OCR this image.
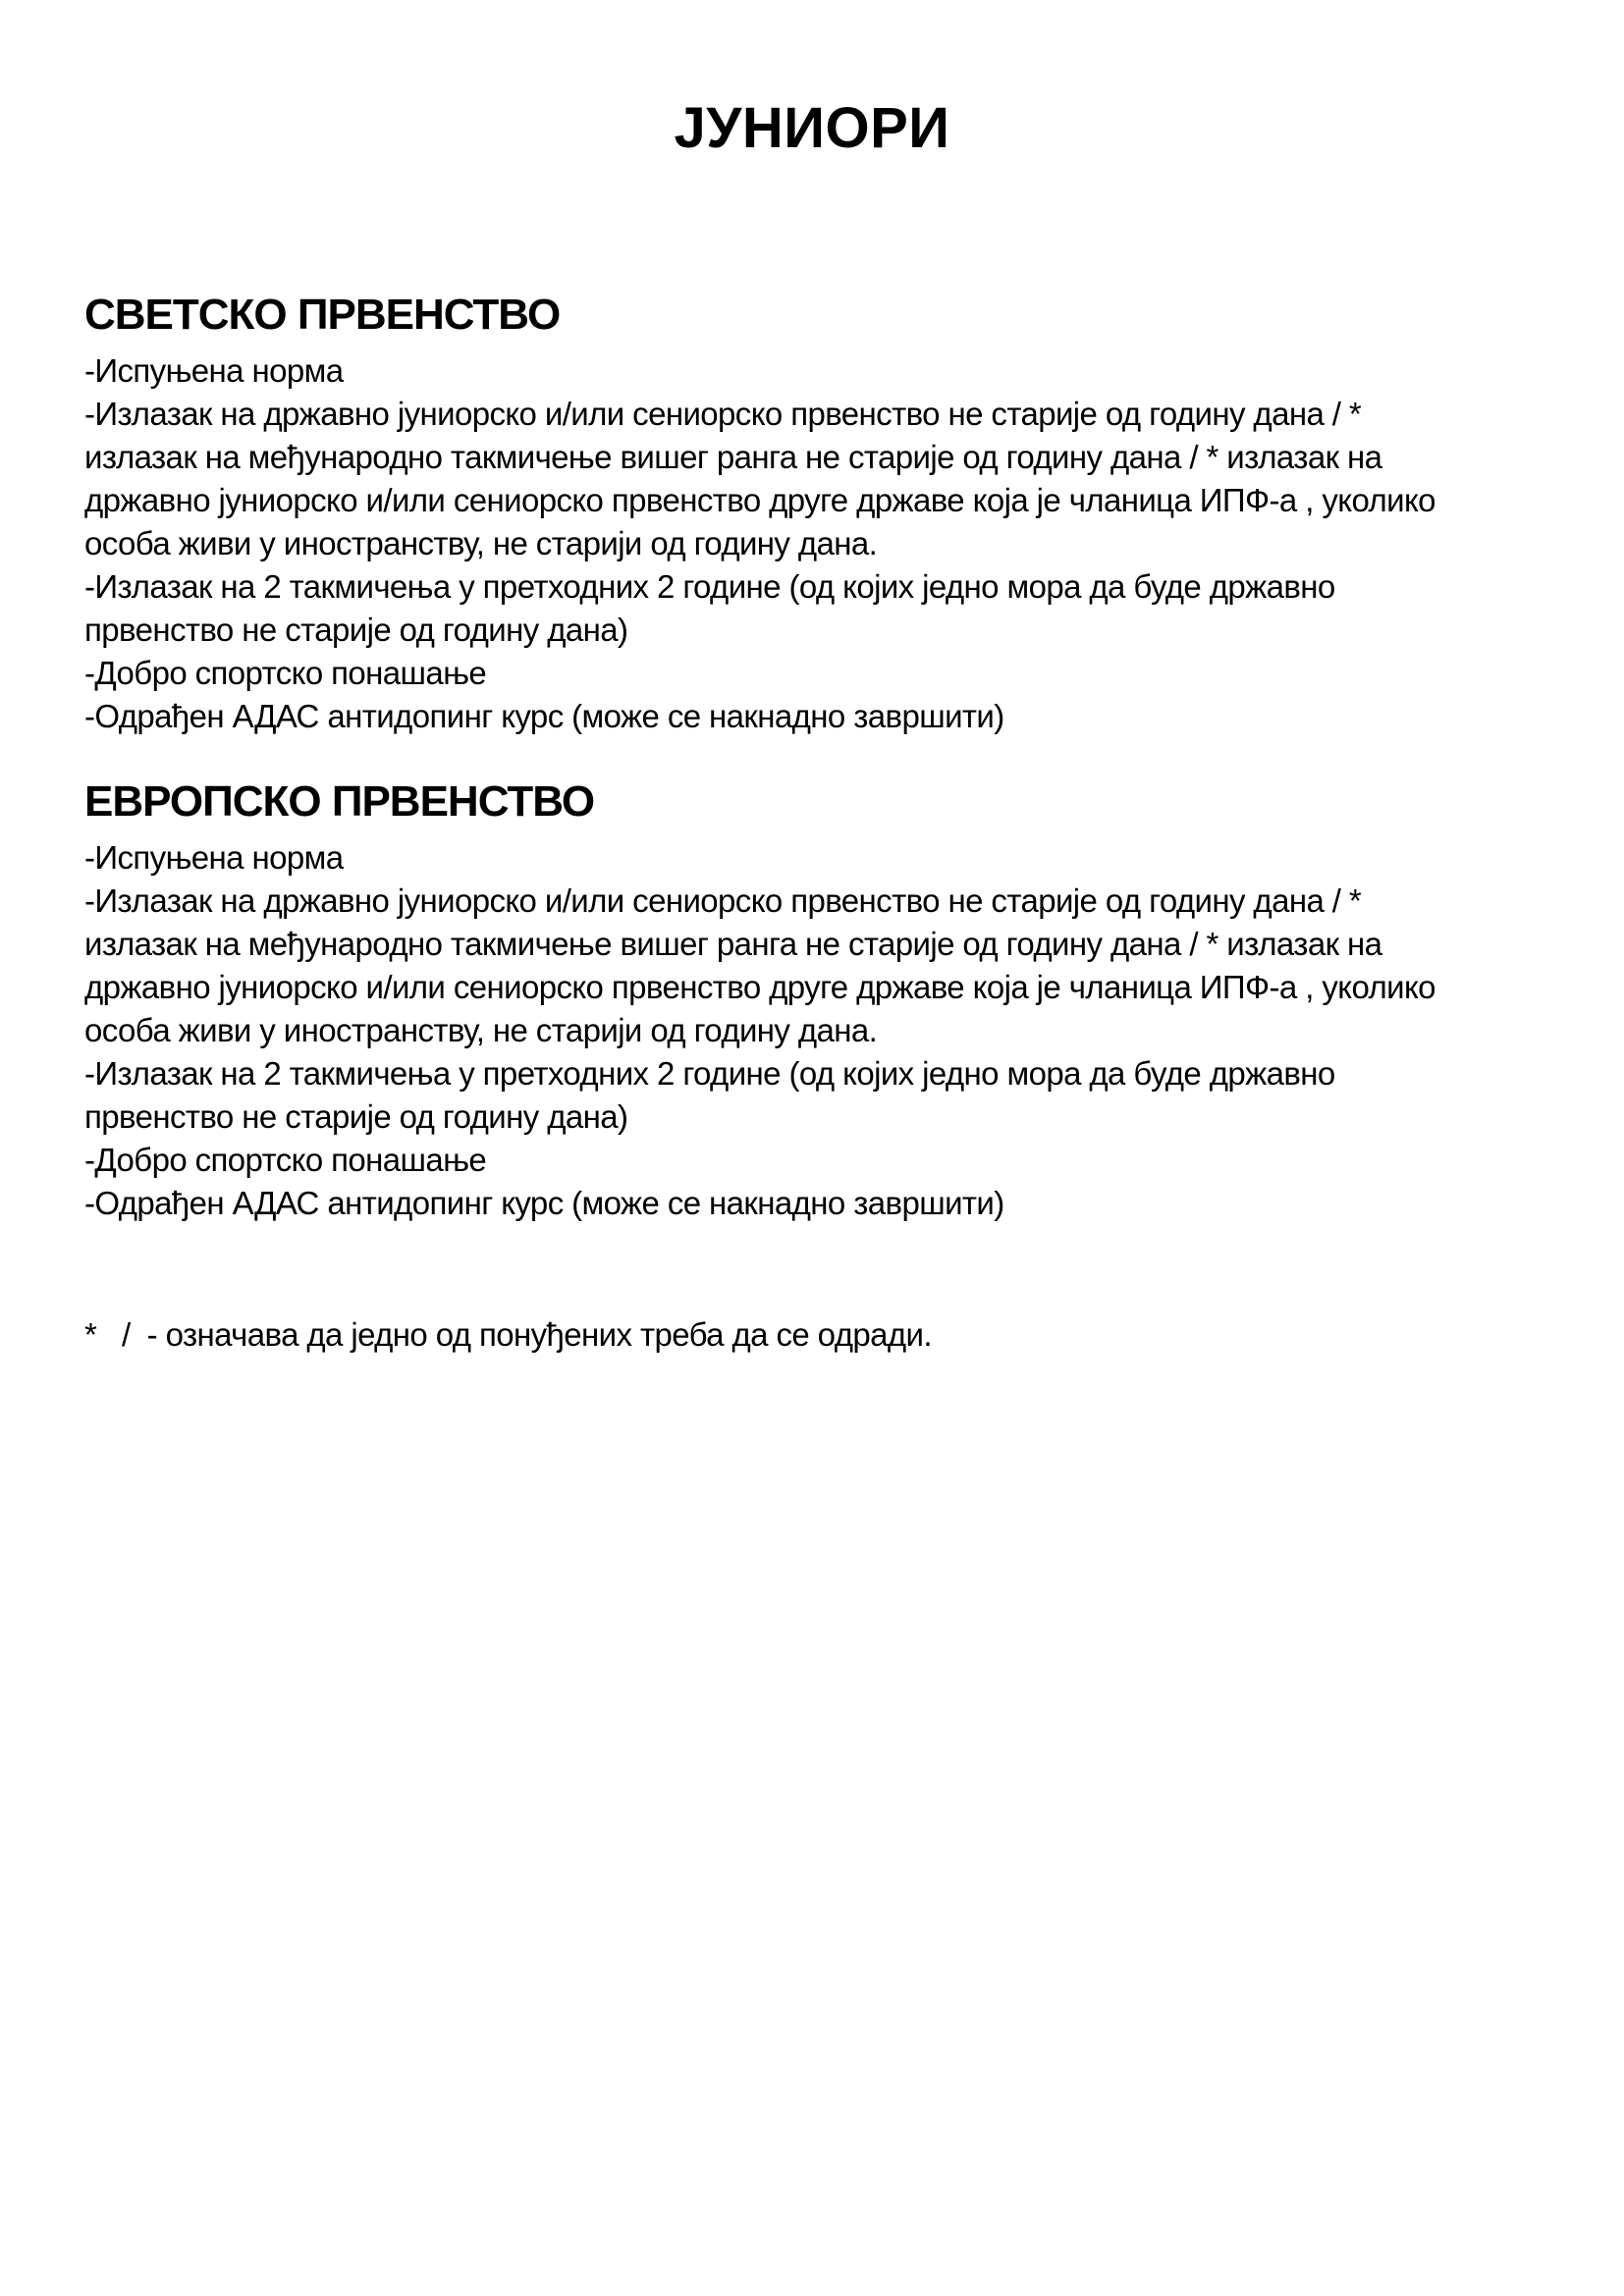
ЈУНИОРИ
СВЕТСКО ПРВЕНСТВО
-Испуњена норма
-Излазак на државно јуниорско и/или сениорско првенство не старије од годину дана / *
излазак на међународно такмичење вишег ранга не старије од годину дана / * излазак на
државно јуниорско и/или сениорско првенство друге државе која је чланица ИПФ-а , уколико
особа живи у иностранству, не старији од годину дана.
-Излазак на 2 такмичења у претходних 2 године (од којих једно мора да буде државно
првенство не старије од годину дана)
-Добро спортско понашање
-Одрађен АДАС антидопинг курс (може се накнадно завршити)
ЕВРОПСКО ПРВЕНСТВО
-Испуњена норма
-Излазак на државно јуниорско и/или сениорско првенство не старије од годину дана / *
излазак на међународно такмичење вишег ранга не старије од годину дана / * излазак на
државно јуниорско и/или сениорско првенство друге државе која је чланица ИПФ-а , уколико
особа живи у иностранству, не старији од годину дана.
-Излазак на 2 такмичења у претходних 2 године (од којих једно мора да буде државно
првенство не старије од годину дана)
-Добро спортско понашање
-Одрађен АДАС антидопинг курс (може се накнадно завршити)

*   /  - означава да једно од понуђених треба да се одради.
